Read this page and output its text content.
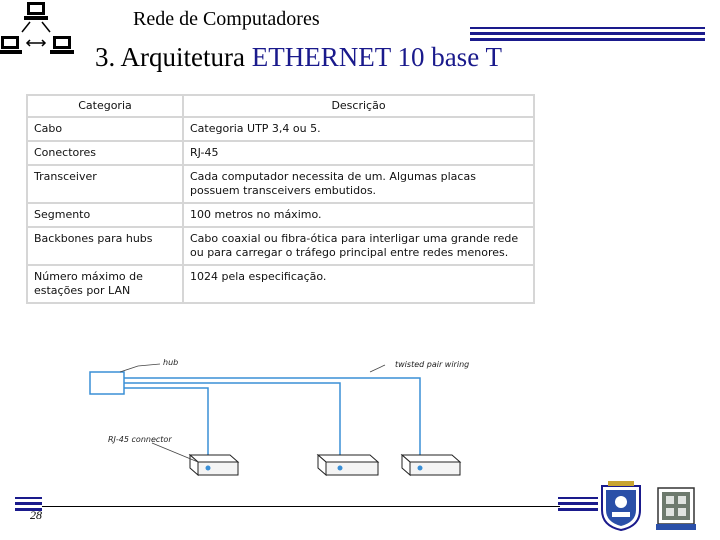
Rede de Computadores
3. Arquitetura ETHERNET 10 base T
Categoria	Descrição
Cabo	Categoria UTP 3,4 ou 5.
Conectores	RJ-45
Transceiver	Cada computador necessita de um. Algumas placas possuem transceivers embutidos.
Segmento	100 metros no máximo.
Backbones para hubs	Cabo coaxial ou fibra-ótica para interligar uma grande rede ou para carregar o tráfego principal entre redes menores.
Número máximo de estações por LAN	1024 pela especificação.
hub	twisted pair wiring
RJ-45 connector
28
